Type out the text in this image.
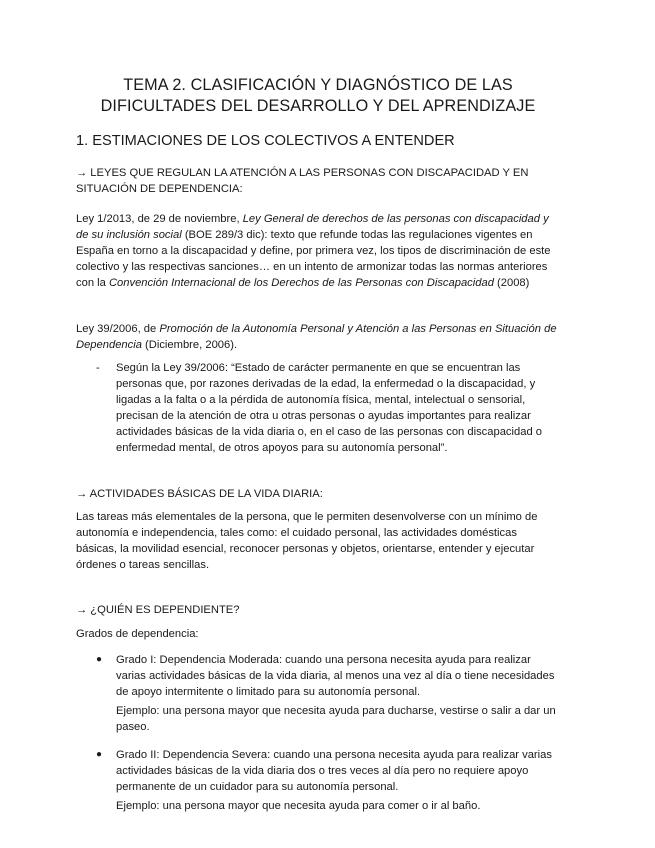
TEMA 2. CLASIFICACIÓN Y DIAGNÓSTICO DE LAS
DIFICULTADES DEL DESARROLLO Y DEL APRENDIZAJE
1. ESTIMACIONES DE LOS COLECTIVOS A ENTENDER

→ LEYES QUE REGULAN LA ATENCIÓN A LAS PERSONAS CON DISCAPACIDAD Y EN SITUACIÓN DE DEPENDENCIA:

Ley 1/2013, de 29 de noviembre, Ley General de derechos de las personas con discapacidad y de su inclusión social (BOE 289/3 dic): texto que refunde todas las regulaciones vigentes en España en torno a la discapacidad y define, por primera vez, los tipos de discriminación de este colectivo y las respectivas sanciones… en un intento de armonizar todas las normas anteriores con la Convención Internacional de los Derechos de las Personas con Discapacidad (2008)

Ley 39/2006, de Promoción de la Autonomía Personal y Atención a las Personas en Situación de Dependencia (Diciembre, 2006).

- Según la Ley 39/2006: “Estado de carácter permanente en que se encuentran las personas que, por razones derivadas de la edad, la enfermedad o la discapacidad, y ligadas a la falta o a la pérdida de autonomía física, mental, intelectual o sensorial, precisan de la atención de otra u otras personas o ayudas importantes para realizar actividades básicas de la vida diaria o, en el caso de las personas con discapacidad o enfermedad mental, de otros apoyos para su autonomía personal”.

→ ACTIVIDADES BÁSICAS DE LA VIDA DIARIA:

Las tareas más elementales de la persona, que le permiten desenvolverse con un mínimo de autonomía e independencia, tales como: el cuidado personal, las actividades domésticas básicas, la movilidad esencial, reconocer personas y objetos, orientarse, entender y ejecutar órdenes o tareas sencillas.

→ ¿QUIÉN ES DEPENDIENTE?

Grados de dependencia:

● Grado I: Dependencia Moderada: cuando una persona necesita ayuda para realizar varias actividades básicas de la vida diaria, al menos una vez al día o tiene necesidades de apoyo intermitente o limitado para su autonomía personal.
Ejemplo: una persona mayor que necesita ayuda para ducharse, vestirse o salir a dar un paseo.
● Grado II: Dependencia Severa: cuando una persona necesita ayuda para realizar varias actividades básicas de la vida diaria dos o tres veces al día pero no requiere apoyo permanente de un cuidador para su autonomía personal.
Ejemplo: una persona mayor que necesita ayuda para comer o ir al baño.
